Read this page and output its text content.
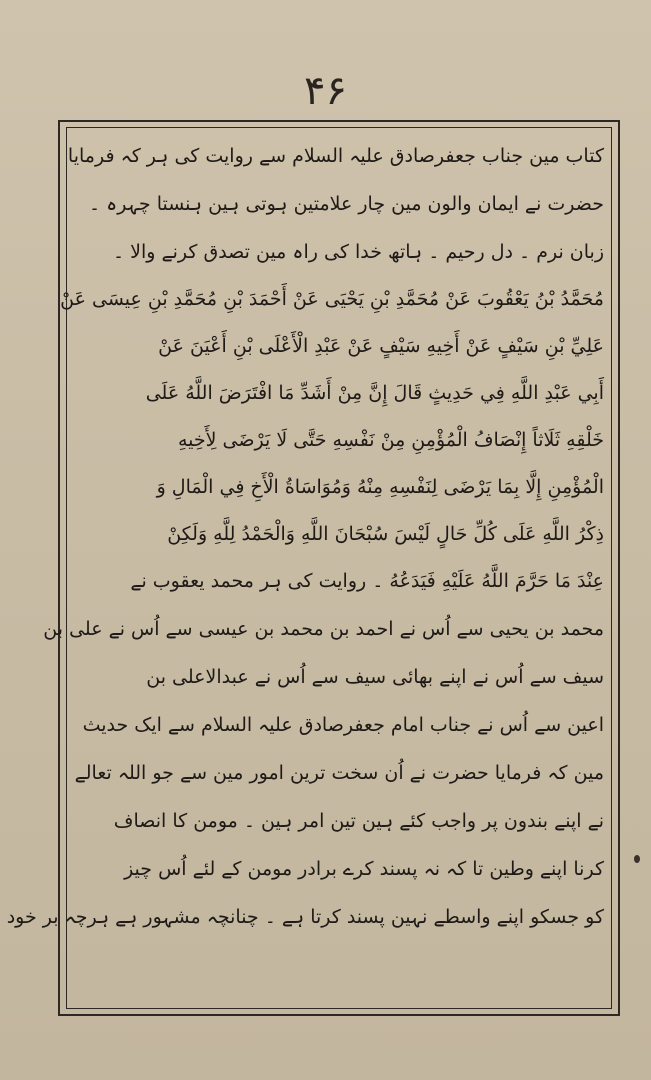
۴۶
کتاب مین جناب جعفرصادق علیہ السلام سے روایت کی ہر کہ فرمایا
حضرت نے ایمان والون مین چار علامتین ہوتی ہین ہنستا چہرہ ۔
زبان نرم ۔ دل رحیم ۔ ہاتھ خدا کی راہ مین تصدق کرنے والا ۔
مُحَمَّدُ بْنُ يَعْقُوبَ عَنْ مُحَمَّدِ بْنِ يَحْيَى عَنْ أَحْمَدَ بْنِ مُحَمَّدِ بْنِ عِيسَى عَنْ
عَلِيِّ بْنِ سَيْفٍ عَنْ أَخِيهِ سَيْفٍ عَنْ عَبْدِ الْأَعْلَى بْنِ أَعْيَنَ عَنْ
أَبِي عَبْدِ اللَّهِ فِي حَدِيثٍ قَالَ إِنَّ مِنْ أَشَدِّ مَا افْتَرَضَ اللَّهُ عَلَى
خَلْقِهِ ثَلَاثاً إِنْصَافُ الْمُؤْمِنِ مِنْ نَفْسِهِ حَتَّى لَا يَرْضَى لِأَخِيهِ
الْمُؤْمِنِ إِلَّا بِمَا يَرْضَى لِنَفْسِهِ مِنْهُ وَمُوَاسَاةُ الْأَخِ فِي الْمَالِ وَ
ذِكْرُ اللَّهِ عَلَى كُلِّ حَالٍ لَيْسَ سُبْحَانَ اللَّهِ وَالْحَمْدُ لِلَّهِ وَلَكِنْ
عِنْدَ مَا حَرَّمَ اللَّهُ عَلَيْهِ فَيَدَعُهُ ۔ روایت کی ہر محمد یعقوب نے
محمد بن یحیی سے اُس نے احمد بن محمد بن عیسی سے اُس نے علی بن
سیف سے اُس نے اپنے بھائی سیف سے اُس نے عبدالاعلی بن
اعین سے اُس نے جناب امام جعفرصادق علیہ السلام سے ایک حدیث
مین کہ فرمایا حضرت نے اُن سخت ترین امور مین سے جو اللہ تعالے
نے اپنے بندون پر واجب کئے ہین تین امر ہین ۔ مومن کا انصاف
کرنا اپنے وطین تا کہ نہ پسند کرے برادر مومن کے لئے اُس چیز
کو جسکو اپنے واسطے نہین پسند کرتا ہے ۔ چنانچہ مشہور ہے ہرچہ بر خود
